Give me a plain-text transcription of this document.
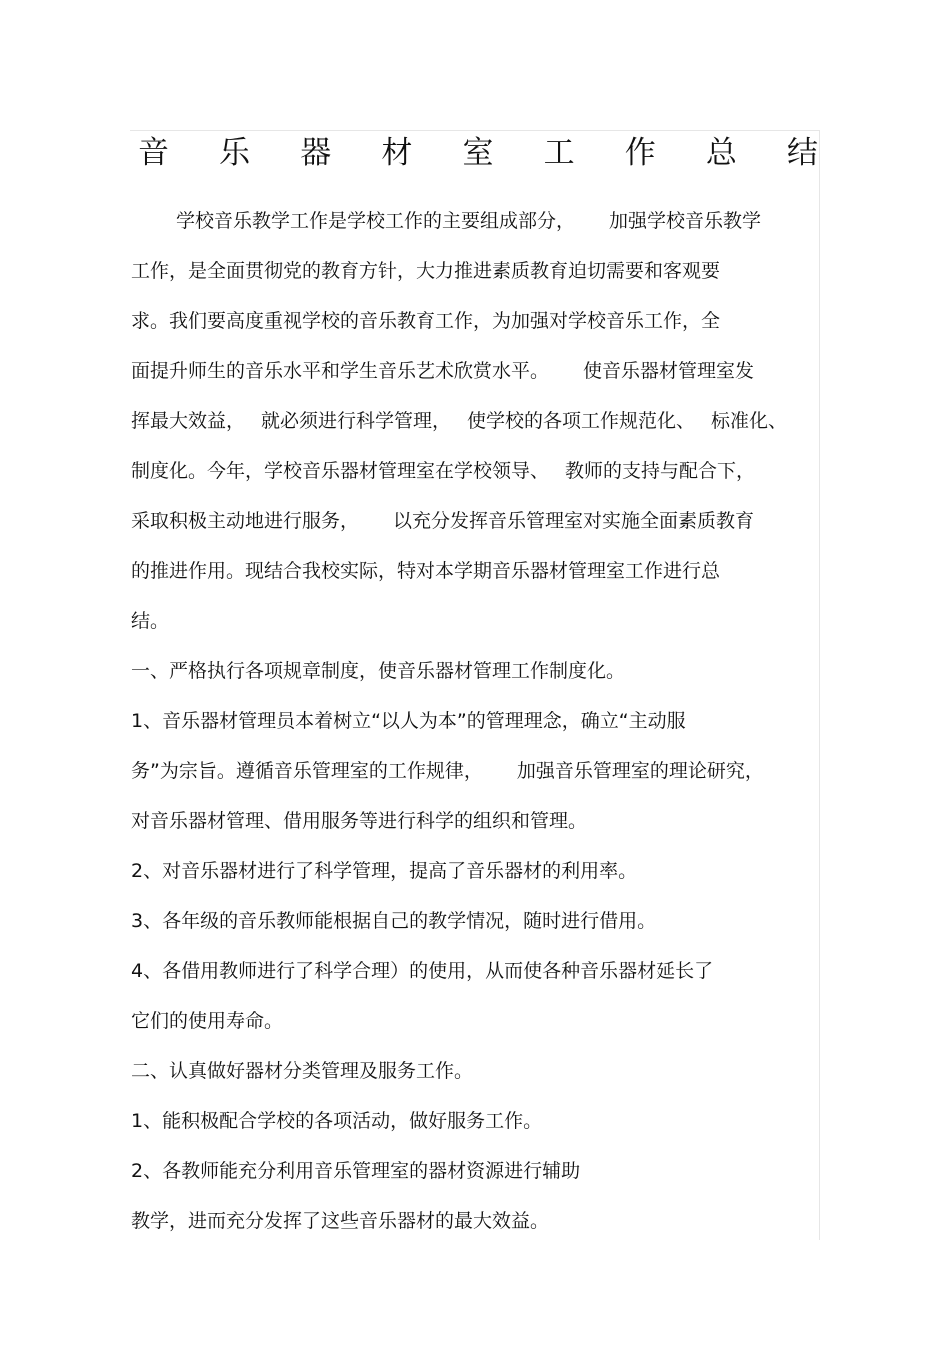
音 乐 器 材 室 工 作 总 结
学校音乐教学工作是学校工作的主要组成部分， 加强学校音乐教学
工作，是全面贯彻党的教育方针，大力推进素质教育迫切需要和客观要
求。我们要高度重视学校的音乐教育工作，为加强对学校音乐工作，全
面提升师生的音乐水平和学生音乐艺术欣赏水平。 使音乐器材管理室发
挥最大效益， 就必须进行科学管理， 使学校的各项工作规范化、 标准化、
制度化。今年，学校音乐器材管理室在学校领导、 教师的支持与配合下，
采取积极主动地进行服务， 以充分发挥音乐管理室对实施全面素质教育
的推进作用。现结合我校实际，特对本学期音乐器材管理室工作进行总
结。
一、严格执行各项规章制度，使音乐器材管理工作制度化。
1、音乐器材管理员本着树立“以人为本”的管理理念，确立“主动服
务”为宗旨。遵循音乐管理室的工作规律， 加强音乐管理室的理论研究，
对音乐器材管理、借用服务等进行科学的组织和管理。
2、对音乐器材进行了科学管理，提高了音乐器材的利用率。
3、各年级的音乐教师能根据自己的教学情况，随时进行借用。
4、各借用教师进行了科学合理）的使用，从而使各种音乐器材延长了
它们的使用寿命。
二、认真做好器材分类管理及服务工作。
1、能积极配合学校的各项活动，做好服务工作。
2、各教师能充分利用音乐管理室的器材资源进行辅助
教学，进而充分发挥了这些音乐器材的最大效益。
